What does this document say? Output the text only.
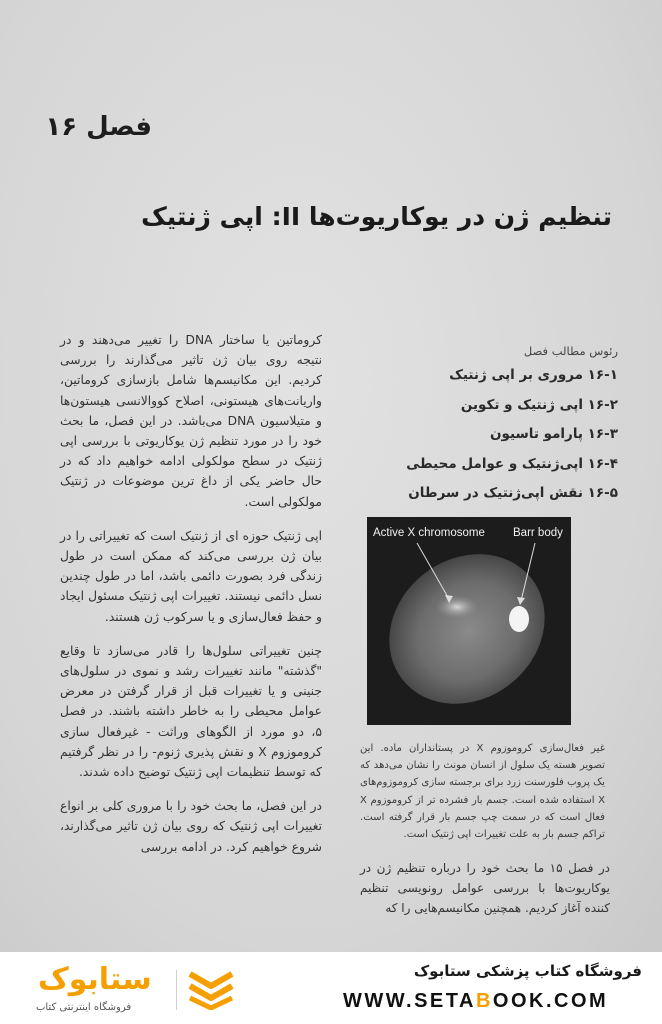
فصل ۱۶
تنظیم ژن در یوکاریوت‌ها II: اپی ژنتیک

کروماتین یا ساختار DNA را تغییر می‌دهند و در نتیجه روی بیان ژن تاثیر می‌گذارند را بررسی کردیم. این مکانیسم‌ها شامل بازسازی کروماتین، واریانت‌های هیستونی، اصلاح کووالانسی هیستون‌ها و متیلاسیون DNA می‌باشد. در این فصل، ما بحث خود را در مورد تنظیم ژن یوکاریوتی با بررسی اپی ژنتیک در سطح مولکولی ادامه خواهیم داد که در حال حاضر یکی از داغ ترین موضوعات در ژنتیک مولکولی است.

اپی ژنتیک حوزه ای از ژنتیک است که تغییراتی را در بیان ژن بررسی می‌کند که ممکن است در طول زندگی فرد بصورت دائمی باشد، اما در طول چندین نسل دائمی نیستند. تغییرات اپی ژنتیک مسئول ایجاد و حفظ فعال‌سازی و یا سرکوب ژن هستند.

چنین تغییراتی سلول‌ها را قادر می‌سازد تا وقایع "گذشته" مانند تغییرات رشد و نموی در سلول‌های جنینی و یا تغییرات قبل از قرار گرفتن در معرض عوامل محیطی را به خاطر داشته باشند. در فصل ۵، دو مورد از الگوهای وراثت - غیرفعال سازی کروموزوم X و نقش پذیری ژنوم- را در نظر گرفتیم که توسط تنظیمات اپی ژنتیک توضیح داده شدند.

در این فصل، ما بحث خود را با مروری کلی بر انواع تغییرات اپی ژنتیک که روی بیان ژن تاثیر می‌گذارند، شروع خواهیم کرد. در ادامه بررسی

رئوس مطالب فصل
۱۶-۱ مروری بر اپی ژنتیک
۱۶-۲ اپی ژنتیک و تکوین
۱۶-۳ پارامو تاسیون
۱۶-۴ اپی‌ژنتیک و عوامل محیطی
۱۶-۵ نقش اپی‌ژنتیک در سرطان
Active X chromosome Barr body
غیر فعال‌سازی کروموزوم X در پستانداران ماده. این تصویر هسته یک سلول از انسان مونث را نشان می‌دهد که یک پروب فلورسنت زرد برای برجسته سازی کروموزوم‌های X استفاده شده است. جسم بار فشرده تر از کروموزوم X فعال است که در سمت چپ جسم بار قرار گرفته است. تراکم جسم بار به علت تغییرات اپی ژنتیک است.
در فصل ۱۵ ما بحث خود را درباره تنظیم ژن در یوکاریوت‌ها با بررسی عوامل رونویسی تنظیم کننده آغاز کردیم. همچنین مکانیسم‌هایی را که
فروشگاه کتاب پزشکی ستابوک
WWW.SETABOOK.COM
ستابوک
فروشگاه اینترنتی کتاب
